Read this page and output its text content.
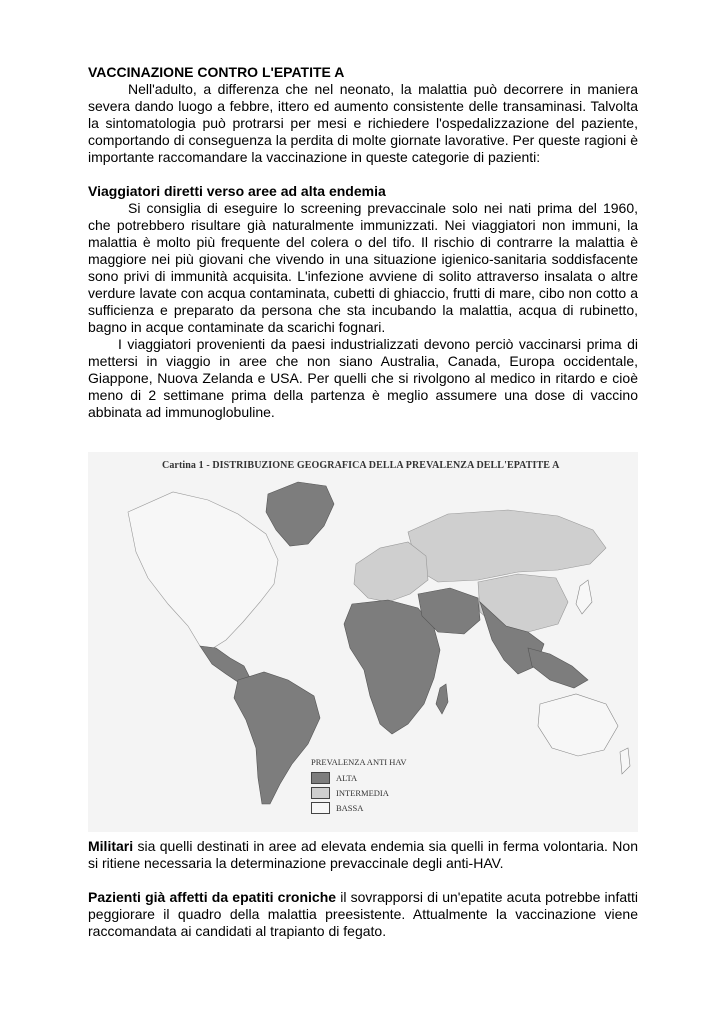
VACCINAZIONE CONTRO L'EPATITE A

Nell'adulto, a differenza che nel neonato, la malattia può decorrere in maniera severa dando luogo a febbre, ittero ed aumento consistente delle transaminasi. Talvolta la sintomatologia può protrarsi per mesi e richiedere l'ospedalizzazione del paziente, comportando di conseguenza la perdita di molte giornate lavorative. Per queste ragioni è importante raccomandare la vaccinazione in queste categorie di pazienti:

Viaggiatori diretti verso aree ad alta endemia

Si consiglia di eseguire lo screening prevaccinale solo nei nati prima del 1960, che potrebbero risultare già naturalmente immunizzati. Nei viaggiatori non immuni, la malattia è molto più frequente del colera o del tifo. Il rischio di contrarre la malattia è maggiore nei più giovani che vivendo in una situazione igienico-sanitaria soddisfacente sono privi di immunità acquisita. L'infezione avviene di solito attraverso insalata o altre verdure lavate con acqua contaminata, cubetti di ghiaccio, frutti di mare, cibo non cotto a sufficienza e preparato da persona che sta incubando la malattia, acqua di rubinetto, bagno in acque contaminate da scarichi fognari.

I viaggiatori provenienti da paesi industrializzati devono perciò vaccinarsi prima di mettersi in viaggio in aree che non siano Australia, Canada, Europa occidentale, Giappone, Nuova Zelanda e USA. Per quelli che si rivolgono al medico in ritardo e cioè meno di 2 settimane prima della partenza è meglio assumere una dose di vaccino abbinata ad immunoglobuline.

Cartina 1 - DISTRIBUZIONE GEOGRAFICA DELLA PREVALENZA DELL'EPATITE A

PREVALENZA ANTI HAV

ALTA
INTERMEDIA
BASSA

Militari sia quelli destinati in aree ad elevata endemia sia quelli in ferma volontaria. Non si ritiene necessaria la determinazione prevaccinale degli anti-HAV.

Pazienti già affetti da epatiti croniche il sovrapporsi di un'epatite acuta potrebbe infatti peggiorare il quadro della malattia preesistente. Attualmente la vaccinazione viene raccomandata ai candidati al trapianto di fegato.
